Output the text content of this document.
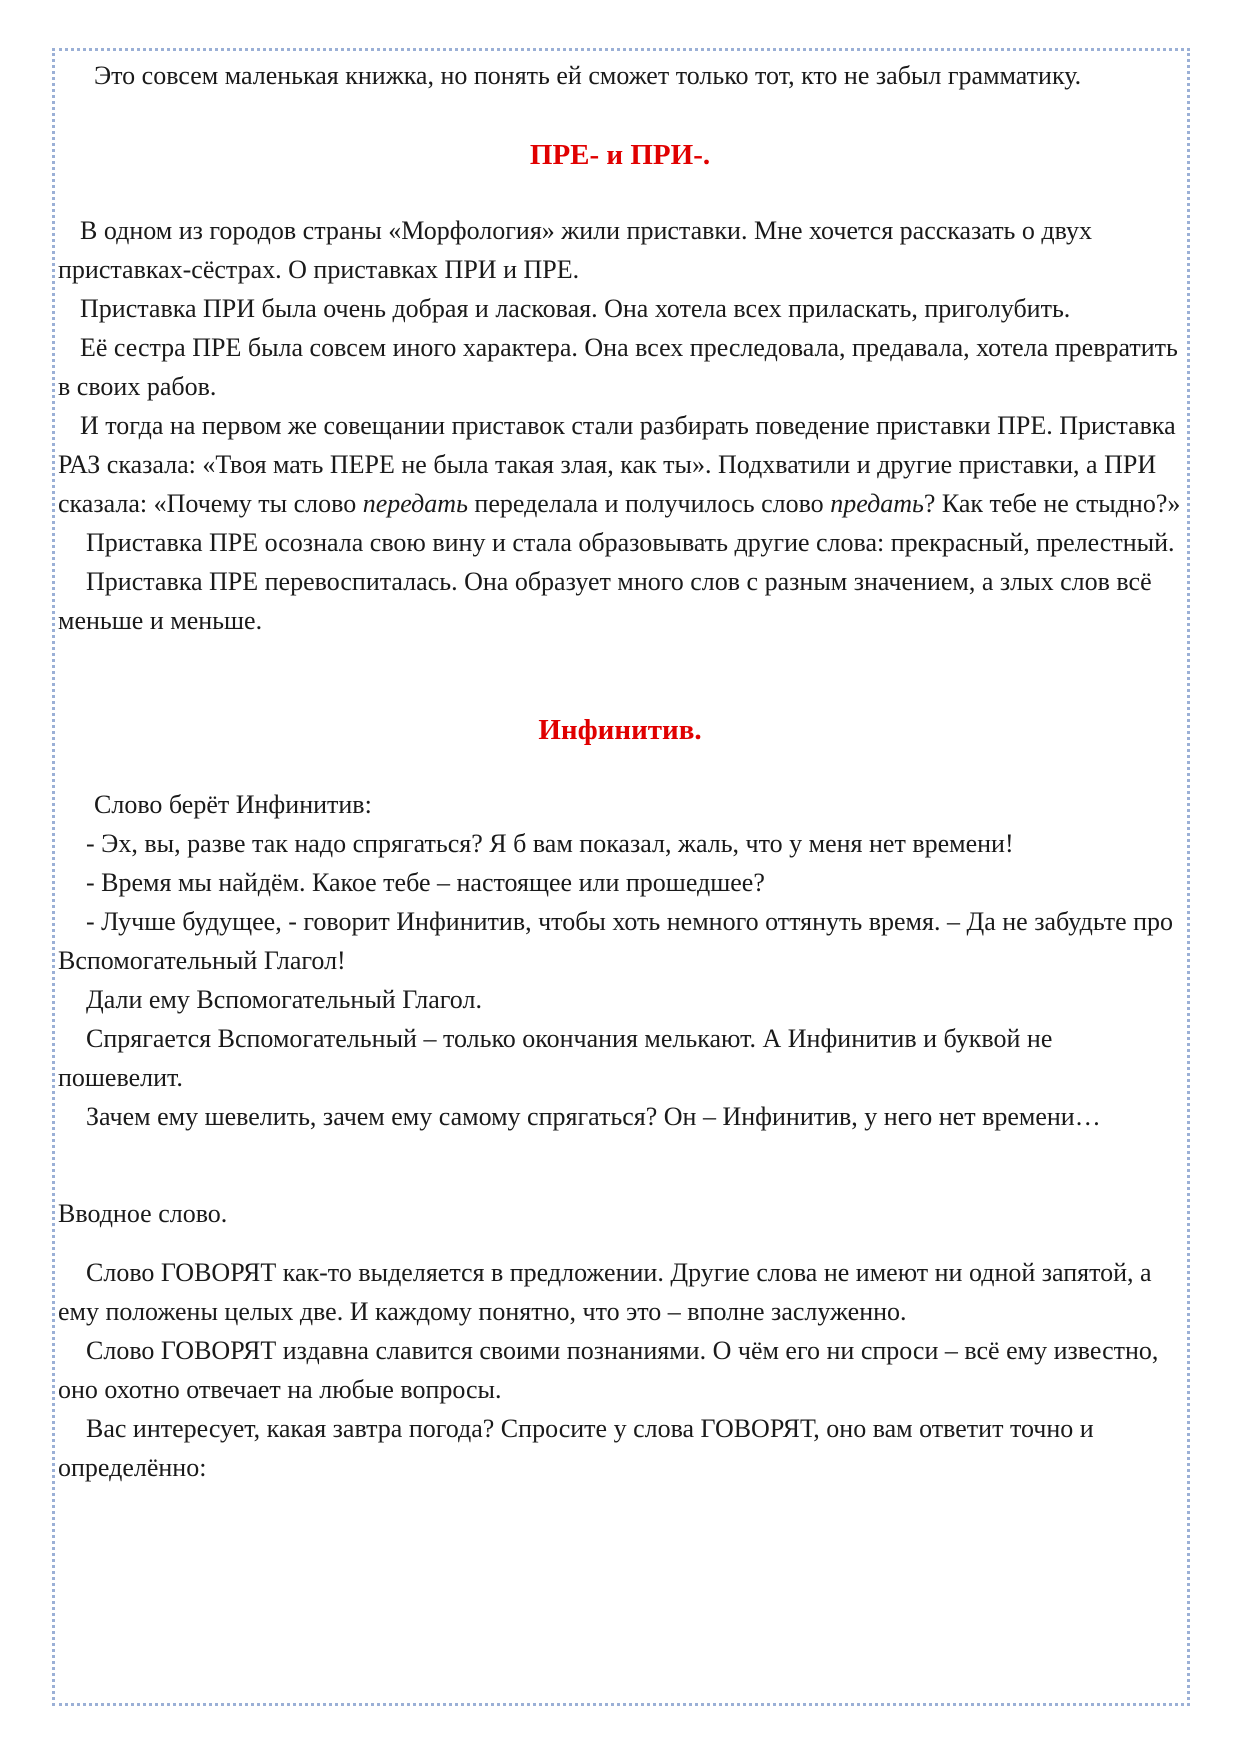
Это совсем маленькая книжка, но понять ей сможет только тот, кто не забыл грамматику.

ПРЕ- и ПРИ-.

В одном из городов страны «Морфология» жили приставки. Мне хочется рассказать о двух приставках-сёстрах. О приставках ПРИ и ПРЕ.

Приставка ПРИ была очень добрая и ласковая. Она хотела всех приласкать, приголубить.

Её сестра ПРЕ была совсем иного характера. Она всех преследовала, предавала, хотела превратить в своих рабов.

И тогда на первом же совещании приставок стали разбирать поведение приставки ПРЕ. Приставка РАЗ сказала: «Твоя мать ПЕРЕ не была такая злая, как ты». Подхватили и другие приставки, а ПРИ сказала: «Почему ты слово передать переделала и получилось слово предать? Как тебе не стыдно?»

Приставка ПРЕ осознала свою вину и стала образовывать другие слова: прекрасный, прелестный.

Приставка ПРЕ перевоспиталась. Она образует много слов с разным значением, а злых слов всё меньше и меньше.

Инфинитив.

Слово берёт Инфинитив:

- Эх, вы, разве так надо спрягаться? Я б вам показал, жаль, что у меня нет времени!

- Время мы найдём. Какое тебе – настоящее или прошедшее?

- Лучше будущее, - говорит Инфинитив, чтобы хоть немного оттянуть время. – Да не забудьте про Вспомогательный Глагол!

Дали ему Вспомогательный Глагол.

Спрягается Вспомогательный – только окончания мелькают. А Инфинитив и буквой не пошевелит.

Зачем ему шевелить, зачем ему самому спрягаться? Он – Инфинитив, у него нет времени…

Вводное слово.

Слово ГОВОРЯТ как-то выделяется в предложении. Другие слова не имеют ни одной запятой, а ему положены целых две. И каждому понятно, что это – вполне заслуженно.

Слово ГОВОРЯТ издавна славится своими познаниями. О чём его ни спроси – всё ему известно, оно охотно отвечает на любые вопросы.

Вас интересует, какая завтра погода? Спросите у слова ГОВОРЯТ, оно вам ответит точно и определённо:
